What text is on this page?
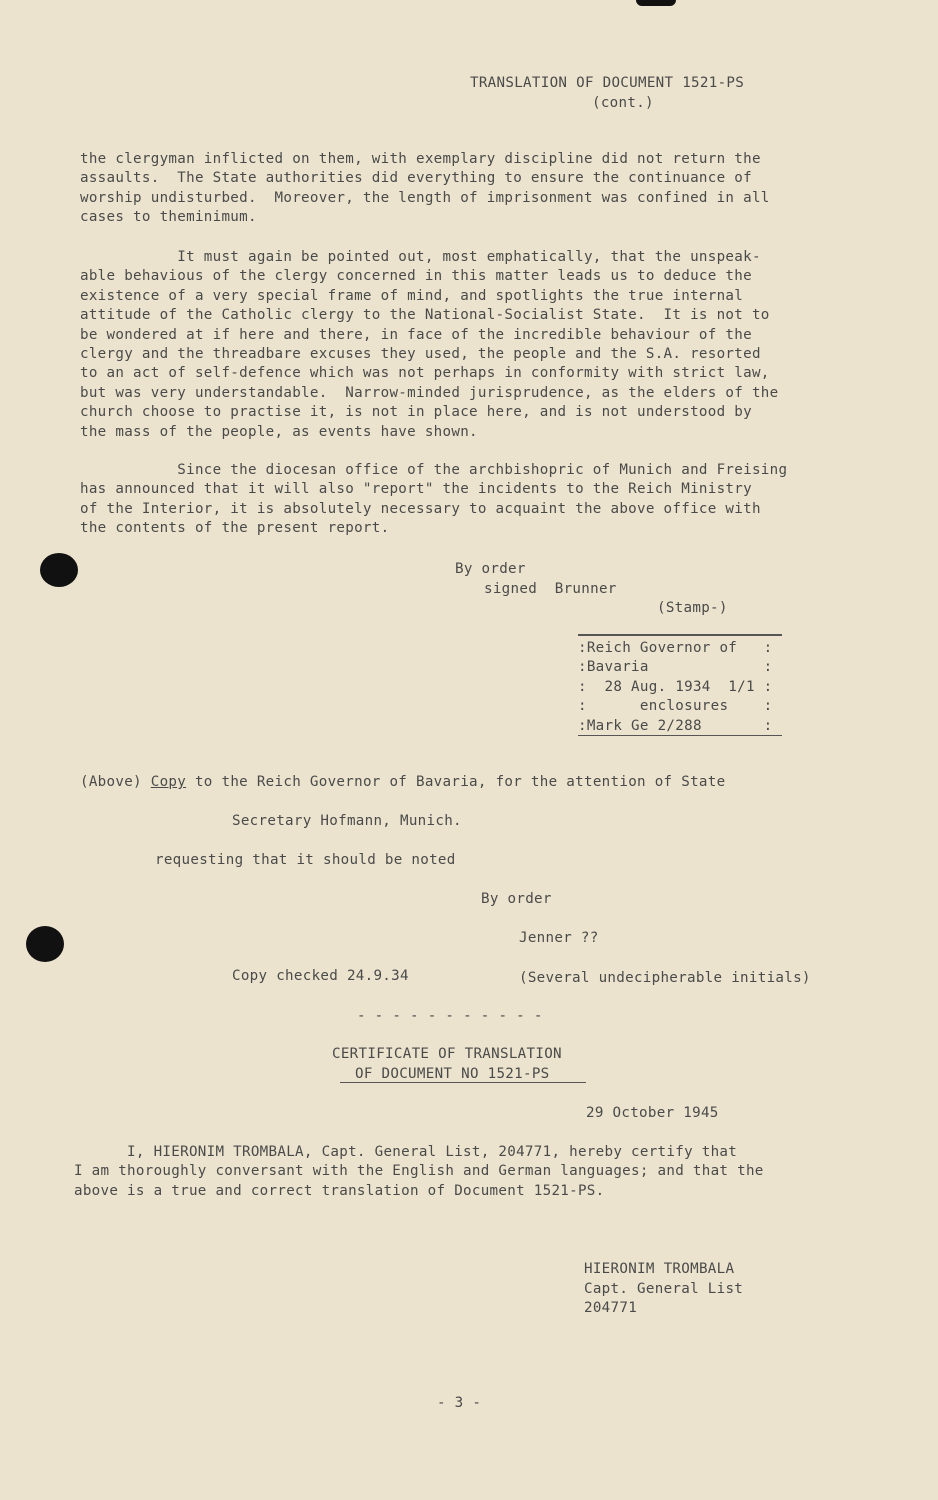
TRANSLATION OF DOCUMENT 1521-PS
(cont.)
the clergyman inflicted on them, with exemplary discipline did not return the
assaults.  The State authorities did everything to ensure the continuance of
worship undisturbed.  Moreover, the length of imprisonment was confined in all
cases to theminimum.
It must again be pointed out, most emphatically, that the unspeak-
able behavious of the clergy concerned in this matter leads us to deduce the
existence of a very special frame of mind, and spotlights the true internal
attitude of the Catholic clergy to the National-Socialist State.  It is not to
be wondered at if here and there, in face of the incredible behaviour of the
clergy and the threadbare excuses they used, the people and the S.A. resorted
to an act of self-defence which was not perhaps in conformity with strict law,
but was very understandable.  Narrow-minded jurisprudence, as the elders of the
church choose to practise it, is not in place here, and is not understood by
the mass of the people, as events have shown.
Since the diocesan office of the archbishopric of Munich and Freising
has announced that it will also "report" the incidents to the Reich Ministry
of the Interior, it is absolutely necessary to acquaint the above office with
the contents of the present report.
By order
signed  Brunner
(Stamp-)
:Reich Governor of   :
:Bavaria             :
:  28 Aug. 1934  1/1 :
:      enclosures    :
:Mark Ge 2/288       :
(Above) Copy to the Reich Governor of Bavaria, for the attention of State
Secretary Hofmann, Munich.
requesting that it should be noted
By order
Jenner ??
Copy checked 24.9.34	(Several undecipherable initials)
- - - - - - - - - - -
CERTIFICATE OF TRANSLATION
OF DOCUMENT NO 1521-PS
29 October 1945
I, HIERONIM TROMBALA, Capt. General List, 204771, hereby certify that
I am thoroughly conversant with the English and German languages; and that the
above is a true and correct translation of Document 1521-PS.
HIERONIM TROMBALA
Capt. General List
204771
- 3 -
